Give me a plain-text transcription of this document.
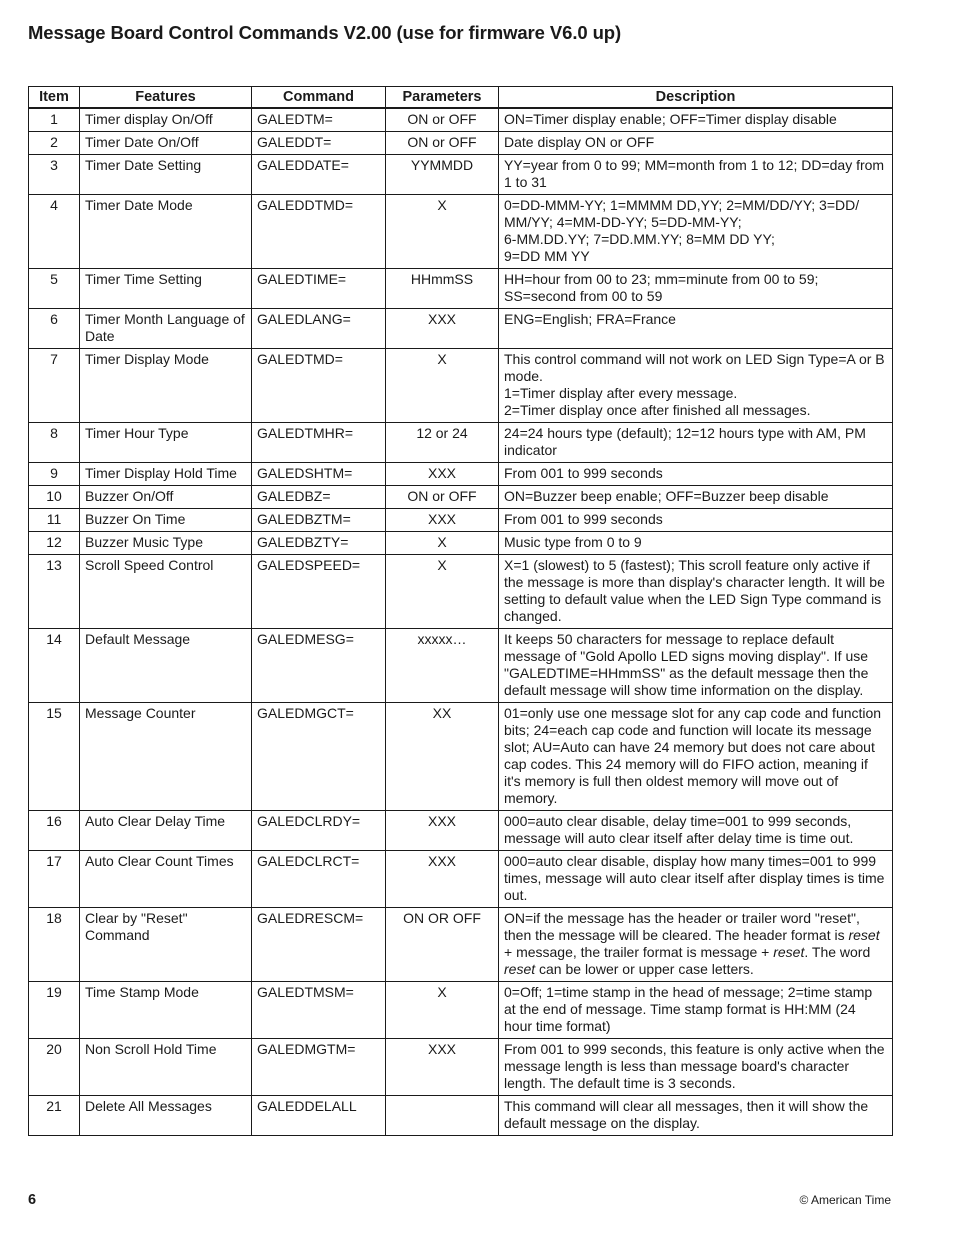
Message Board Control Commands V2.00 (use for firmware V6.0 up)
Item	Features	Command	Parameters	Description
1	Timer display On/Off	GALEDTM=	ON or OFF	ON=Timer display enable; OFF=Timer display disable

2	Timer Date On/Off	GALEDDT=	ON or OFF	Date display ON or OFF

3	Timer Date Setting	GALEDDATE=	YYMMDD	YY=year from 0 to 99; MM=month from 1 to 12; DD=day from 1 to 31

4	Timer Date Mode	GALEDDTMD=	X	0=DD-MMM-YY; 1=MMMM DD,YY; 2=MM/DD/YY; 3=DD/ MM/YY; 4=MM-DD-YY; 5=DD-MM-YY;
6-MM.DD.YY; 7=DD.MM.YY; 8=MM DD YY;
9=DD MM YY

5	Timer Time Setting	GALEDTIME=	HHmmSS	HH=hour from 00 to 23; mm=minute from 00 to 59;
SS=second from 00 to 59

6	Timer Month Language of Date	GALEDLANG=	XXX	ENG=English; FRA=France

7	Timer Display Mode	GALEDTMD=	X	This control command will not work on LED Sign Type=A or B mode.
1=Timer display after every message.
2=Timer display once after finished all messages.

8	Timer Hour Type	GALEDTMHR=	12 or 24	24=24 hours type (default); 12=12 hours type with AM, PM indicator

9	Timer Display Hold Time	GALEDSHTM=	XXX	From 001 to 999 seconds

10	Buzzer On/Off	GALEDBZ=	ON or OFF	ON=Buzzer beep enable; OFF=Buzzer beep disable

11	Buzzer On Time	GALEDBZTM=	XXX	From 001 to 999 seconds

12	Buzzer Music Type	GALEDBZTY=	X	Music type from 0 to 9

13	Scroll Speed Control	GALEDSPEED=	X	X=1 (slowest) to 5 (fastest); This scroll feature only active if the message is more than display's character length. It will be setting to default value when the LED Sign Type command is changed.

14	Default Message	GALEDMESG=	xxxxx…	It keeps 50 characters for message to replace default message of "Gold Apollo LED signs moving display". If use "GALEDTIME=HHmmSS" as the default message then the default message will show time information on the display.

15	Message Counter	GALEDMGCT=	XX	01=only use one message slot for any cap code and function bits; 24=each cap code and function will locate its message slot; AU=Auto can have 24 memory but does not care about cap codes. This 24 memory will do FIFO action, meaning if it's memory is full then oldest memory will move out of memory.

16	Auto Clear Delay Time	GALEDCLRDY=	XXX	000=auto clear disable, delay time=001 to 999 seconds, message will auto clear itself after delay time is time out.

17	Auto Clear Count Times	GALEDCLRCT=	XXX	000=auto clear disable, display how many times=001 to 999 times, message will auto clear itself after display times is time out.

18	Clear by "Reset" Command	GALEDRESCM=	ON OR OFF	ON=if the message has the header or trailer word "reset", then the message will be cleared. The header format is reset + message, the trailer format is message + reset. The word reset can be lower or upper case letters.
19	Time Stamp Mode	GALEDTMSM=	X	0=Off; 1=time stamp in the head of message; 2=time stamp at the end of message. Time stamp format is HH:MM (24 hour time format)

20	Non Scroll Hold Time	GALEDMGTM=	XXX	From 001 to 999 seconds, this feature is only active when the message length is less than message board's character length. The default time is 3 seconds.

21	Delete All Messages	GALEDDELALL		This command will clear all messages, then it will show the default message on the display.
6	© American Time
